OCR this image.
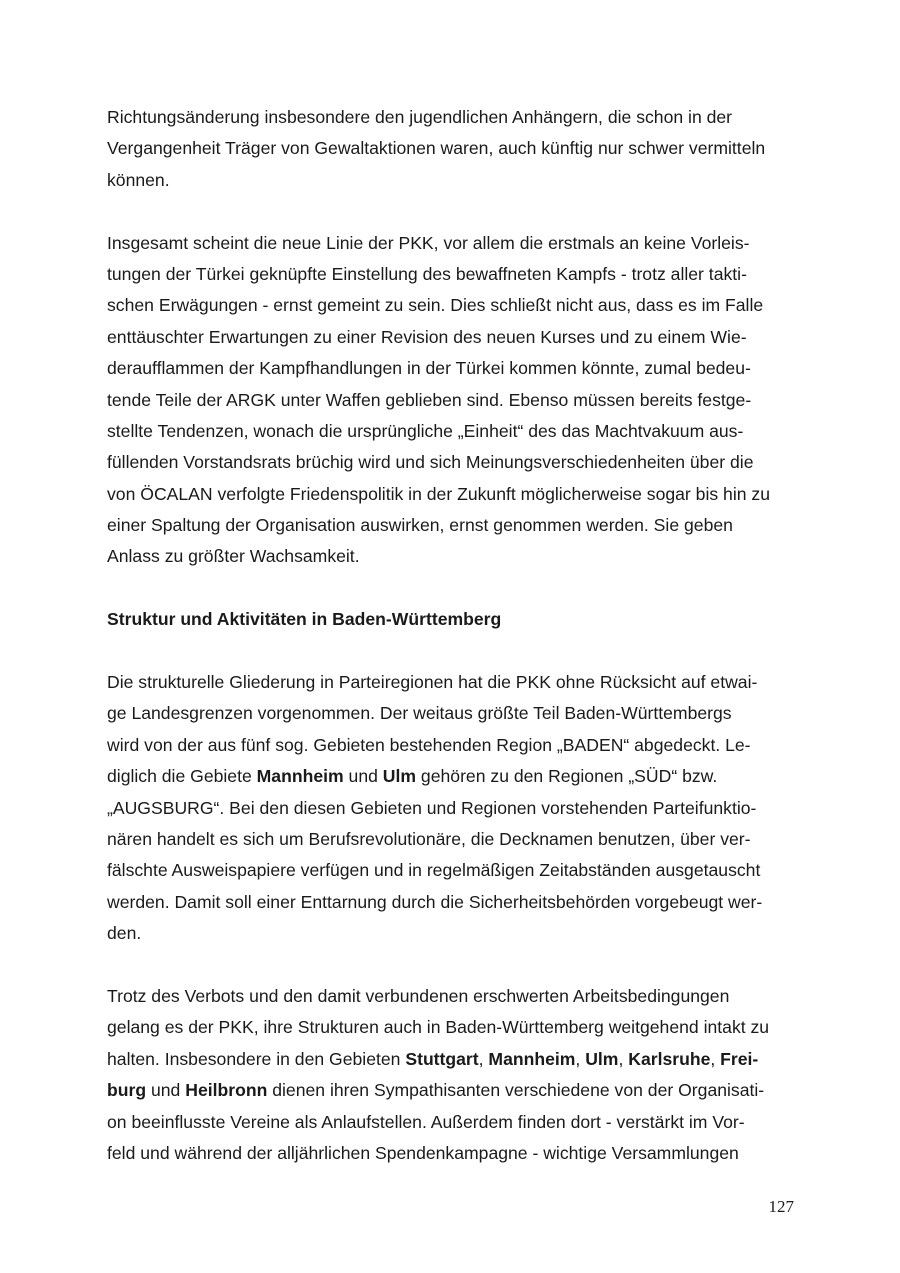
Richtungsänderung insbesondere den jugendlichen Anhängern, die schon in der
Vergangenheit Träger von Gewaltaktionen waren, auch künftig nur schwer vermitteln
können.
Insgesamt scheint die neue Linie der PKK, vor allem die erstmals an keine Vorleis-
tungen der Türkei geknüpfte Einstellung des bewaffneten Kampfs - trotz aller takti-
schen Erwägungen - ernst gemeint zu sein. Dies schließt nicht aus, dass es im Falle
enttäuschter Erwartungen zu einer Revision des neuen Kurses und zu einem Wie-
deraufflammen der Kampfhandlungen in der Türkei kommen könnte, zumal bedeu-
tende Teile der ARGK unter Waffen geblieben sind. Ebenso müssen bereits festge-
stellte Tendenzen, wonach die ursprüngliche „Einheit“ des das Machtvakuum aus-
füllenden Vorstandsrats brüchig wird und sich Meinungsverschiedenheiten über die
von ÖCALAN verfolgte Friedenspolitik in der Zukunft möglicherweise sogar bis hin zu
einer Spaltung der Organisation auswirken, ernst genommen werden. Sie geben
Anlass zu größter Wachsamkeit.
Struktur und Aktivitäten in Baden-Württemberg
Die strukturelle Gliederung in Parteiregionen hat die PKK ohne Rücksicht auf etwai-
ge Landesgrenzen vorgenommen. Der weitaus größte Teil Baden-Württembergs
wird von der aus fünf sog. Gebieten bestehenden Region „BADEN“ abgedeckt. Le-
diglich die Gebiete Mannheim und Ulm gehören zu den Regionen „SÜD“ bzw.
„AUGSBURG“. Bei den diesen Gebieten und Regionen vorstehenden Parteifunktio-
nären handelt es sich um Berufsrevolutionäre, die Decknamen benutzen, über ver-
fälschte Ausweispapiere verfügen und in regelmäßigen Zeitabständen ausgetauscht
werden. Damit soll einer Enttarnung durch die Sicherheitsbehörden vorgebeugt wer-
den.
Trotz des Verbots und den damit verbundenen erschwerten Arbeitsbedingungen
gelang es der PKK, ihre Strukturen auch in Baden-Württemberg weitgehend intakt zu
halten. Insbesondere in den Gebieten Stuttgart, Mannheim, Ulm, Karlsruhe, Frei-
burg und Heilbronn dienen ihren Sympathisanten verschiedene von der Organisati-
on beeinflusste Vereine als Anlaufstellen. Außerdem finden dort - verstärkt im Vor-
feld und während der alljährlichen Spendenkampagne - wichtige Versammlungen
127
